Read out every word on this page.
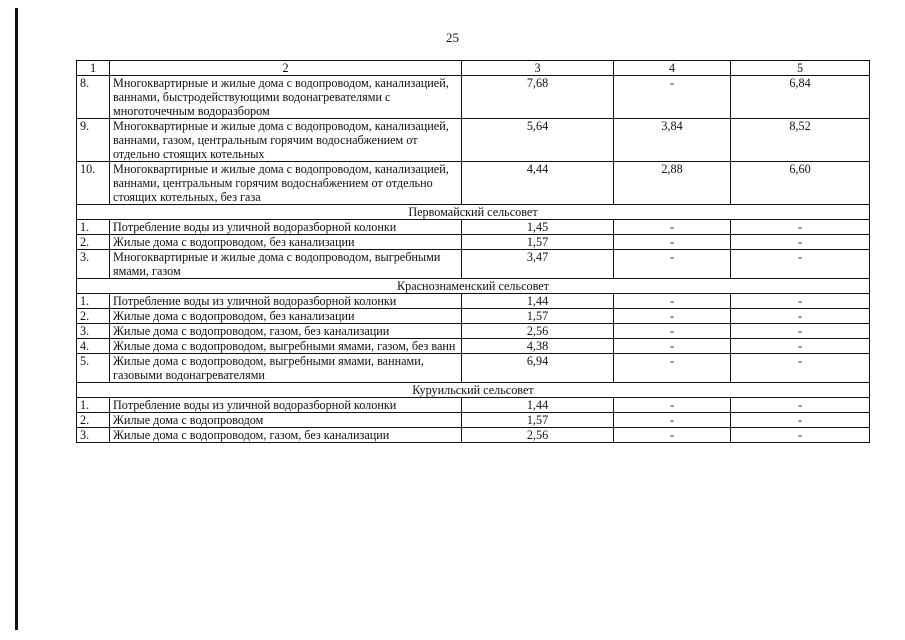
25
1	2	3	4	5
8.	Многоквартирные и жилые дома с водопроводом, канализацией, ваннами, быстродействующими водонагревателями с многоточечным водоразбором	7,68	-	6,84
9.	Многоквартирные и жилые дома с водопроводом, канализацией, ваннами, газом, центральным горячим водоснабжением от отдельно стоящих котельных	5,64	3,84	8,52
10.	Многоквартирные и жилые дома с водопроводом, канализацией, ваннами, центральным горячим водоснабжением от отдельно стоящих котельных, без газа	4,44	2,88	6,60
Первомайский сельсовет				
1.	Потребление воды из уличной водоразборной колонки	1,45	-	-
2.	Жилые дома с водопроводом, без канализации	1,57	-	-
3.	Многоквартирные и жилые дома с водопроводом, выгребными ямами, газом	3,47	-	-
Краснознаменский сельсовет				
1.	Потребление воды из уличной водоразборной колонки	1,44	-	-
2.	Жилые дома с водопроводом, без канализации	1,57	-	-
3.	Жилые дома с водопроводом, газом, без канализации	2,56	-	-
4.	Жилые дома с водопроводом, выгребными ямами, газом, без ванн	4,38	-	-
5.	Жилые дома с водопроводом, выгребными ямами, ваннами, газовыми водонагревателями	6,94	-	-
Куруильский сельсовет				
1.	Потребление воды из уличной водоразборной колонки	1,44	-	-
2.	Жилые дома с водопроводом	1,57	-	-
3.	Жилые дома с водопроводом, газом, без канализации	2,56	-	-
